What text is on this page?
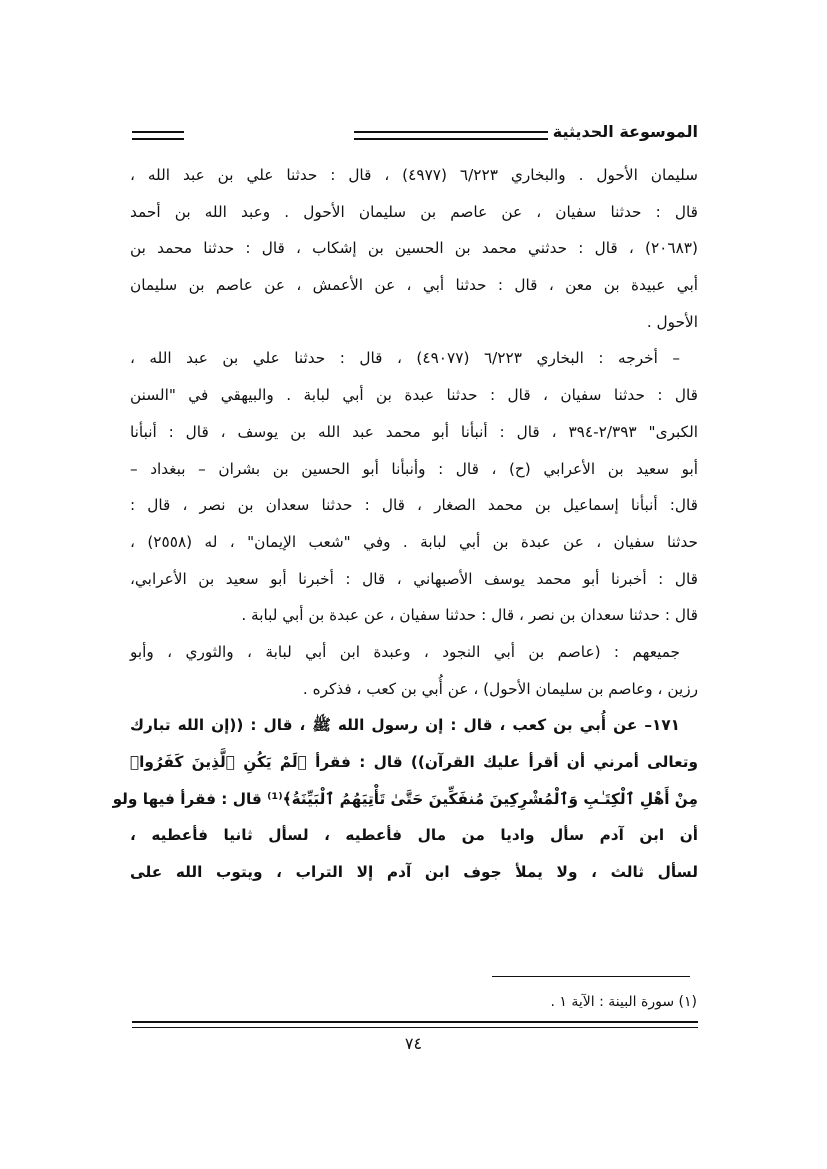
الموسوعة الحديثية
سليمان الأحول . والبخاري ٦/٢٢٣ (٤٩٧٧) ، قال : حدثنا علي بن عبد الله ،
قال : حدثنا سفيان ، عن عاصم بن سليمان الأحول . وعبد الله بن أحمد
(٢٠٦٨٣) ، قال : حدثني محمد بن الحسين بن إشكاب ، قال : حدثنا محمد بن
أبي عبيدة بن معن ، قال : حدثنا أبي ، عن الأعمش ، عن عاصم بن سليمان
الأحول .
– أخرجه : البخاري ٦/٢٢٣ (٤٩٠٧٧) ، قال : حدثنا علي بن عبد الله ،
قال : حدثنا سفيان ، قال : حدثنا عبدة بن أبي لبابة . والبيهقي في "السنن
الكبرى" ٢/٣٩٣-٣٩٤ ، قال : أنبأنا أبو محمد عبد الله بن يوسف ، قال : أنبأنا
أبو سعيد بن الأعرابي (ح) ، قال : وأنبأنا أبو الحسين بن بشران – ببغداد –
قال: أنبأنا إسماعيل بن محمد الصغار ، قال : حدثنا سعدان بن نصر ، قال :
حدثنا سفيان ، عن عبدة بن أبي لبابة . وفي "شعب الإيمان" ، له (٢٥٥٨) ،
قال : أخبرنا أبو محمد يوسف الأصبهاني ، قال : أخبرنا أبو سعيد بن الأعرابي،
قال : حدثنا سعدان بن نصر ، قال : حدثنا سفيان ، عن عبدة بن أبي لبابة .
جميعهم : (عاصم بن أبي النجود ، وعبدة ابن أبي لبابة ، والثوري ، وأبو
رزين ، وعاصم بن سليمان الأحول) ، عن أُبي بن كعب ، فذكره .
١٧١– عن أُبي بن كعب ، قال : إن رسول الله ﷺ ، قال : ((إن الله تبارك
وتعالى أمرني أن أقرأ عليك القرآن)) قال : فقرأ ﴿لَمْ يَكُنِ ٱلَّذِينَ كَفَرُوا۟
مِنْ أَهْلِ ٱلْكِتَـٰبِ وَٱلْمُشْرِكِينَ مُنفَكِّينَ حَتَّىٰ تَأْتِيَهُمُ ٱلْبَيِّنَةُ﴾⁽¹⁾ قال : فقرأ فيها ولو
أن ابن آدم سأل واديا من مال فأعطيه ، لسأل ثانيا فأعطيه ،
لسأل ثالث ، ولا يملأ جوف ابن آدم إلا التراب ، ويتوب الله على
(١) سورة البينة : الآية ١ .
٧٤
